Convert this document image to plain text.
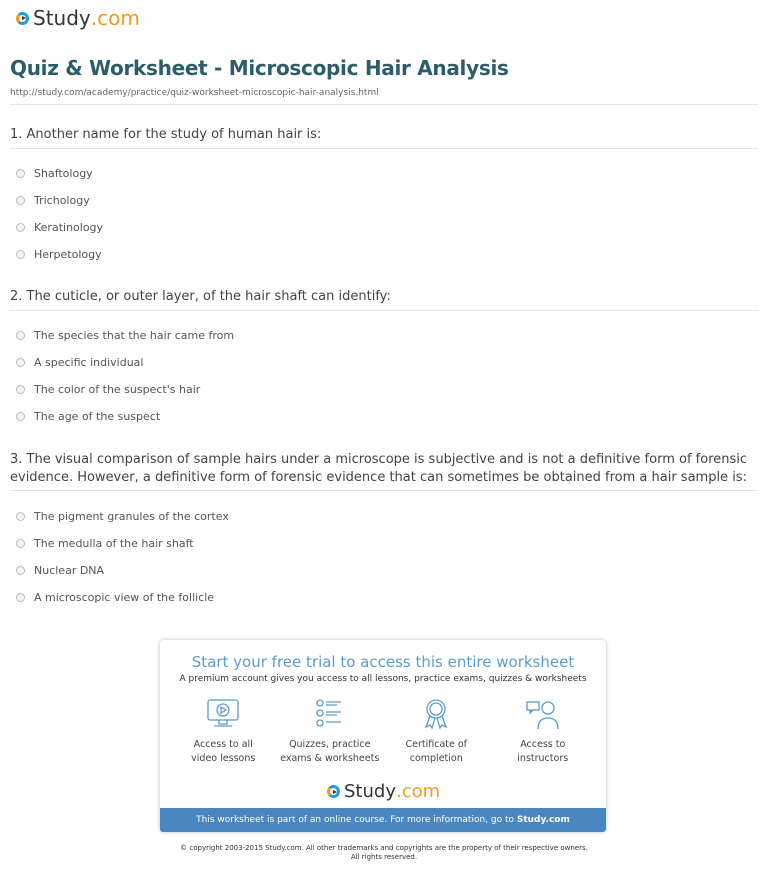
Study .com
Quiz & Worksheet - Microscopic Hair Analysis
http://study.com/academy/practice/quiz-worksheet-microscopic-hair-analysis.html
1. Another name for the study of human hair is:
Shaftology
Trichology
Keratinology
Herpetology
2. The cuticle, or outer layer, of the hair shaft can identify:
The species that the hair came from
A specific individual
The color of the suspect's hair
The age of the suspect
3. The visual comparison of sample hairs under a microscope is subjective and is not a definitive form of forensic evidence. However, a definitive form of forensic evidence that can sometimes be obtained from a hair sample is:
The pigment granules of the cortex
The medulla of the hair shaft
Nuclear DNA
A microscopic view of the follicle
Start your free trial to access this entire worksheet
A premium account gives you access to all lessons, practice exams, quizzes & worksheets
Access to all
video lessons
Quizzes, practice
exams & worksheets
Certificate of
completion
Access to
instructors
Study .com
This worksheet is part of an online course. For more information, go to Study.com
© copyright 2003-2015 Study.com. All other trademarks and copyrights are the property of their respective owners.
All rights reserved.
